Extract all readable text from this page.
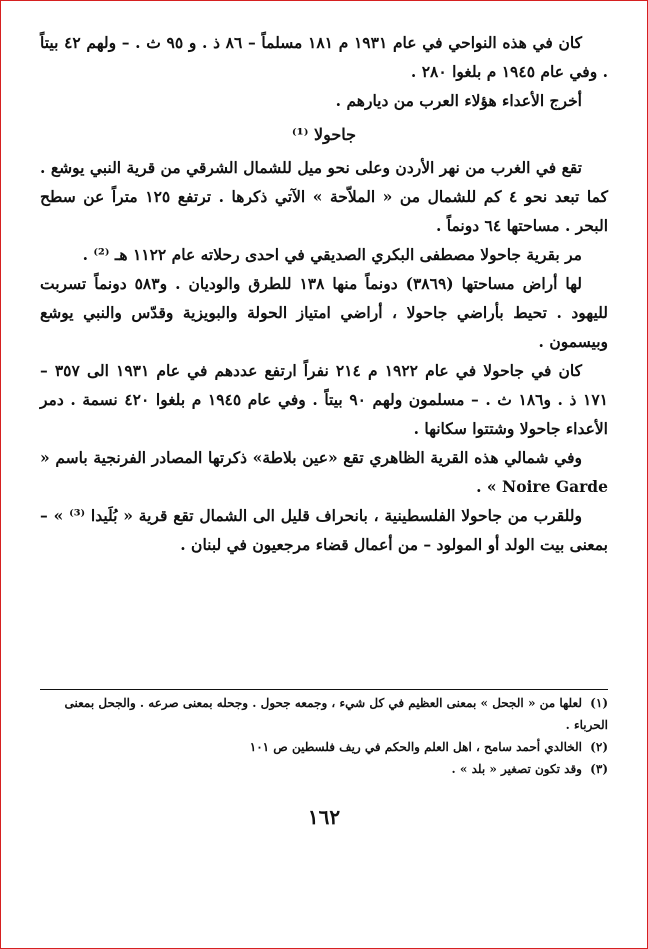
كان في هذه النواحي في عام ١٩٣١ م ١٨١ مسلماً – ٨٦ ذ . و ٩٥ ث . – ولهم ٤٢ بيتاً . وفي عام ١٩٤٥ م بلغوا ٢٨٠ .
أخرج الأعداء هؤلاء العرب من ديارهم .
جاحولا ⁽¹⁾
تقع في الغرب من نهر الأردن وعلى نحو ميل للشمال الشرقي من قرية النبي يوشع . كما تبعد نحو ٤ كم للشمال من « الملاّحة » الآتي ذكرها . ترتفع ١٢٥ متراً عن سطح البحر . مساحتها ٦٤ دونماً .
مر بقرية جاحولا مصطفى البكري الصديقي في احدى رحلاته عام ١١٢٢ هـ ⁽²⁾ .
لها أراض مساحتها (٣٨٦٩) دونماً منها ١٣٨ للطرق والوديان . و٥٨٣ دونماً تسربت لليهود . تحيط بأراضي جاحولا ، أراضي امتياز الحولة والبويزية وقدّس والنبي يوشع وبيسمون .
كان في جاحولا في عام ١٩٢٢ م ٢١٤ نفراً ارتفع عددهم في عام ١٩٣١ الى ٣٥٧ – ١٧١ ذ . و١٨٦ ث . – مسلمون ولهم ٩٠ بيتاً . وفي عام ١٩٤٥ م بلغوا ٤٢٠ نسمة . دمر الأعداء جاحولا وشتتوا سكانها .
وفي شمالي هذه القرية الظاهري تقع «عين بلاطة» ذكرتها المصادر الفرنجية باسم « Noire Garde » .
وللقرب من جاحولا الفلسطينية ، بانحراف قليل الى الشمال تقع قرية « بُلَيدا ⁽³⁾ » – بمعنى بيت الولد أو المولود – من أعمال قضاء مرجعيون في لبنان .
(١) لعلها من « الجحل » بمعنى العظيم في كل شيء ، وجمعه جحول . وجحله بمعنى صرعه . والجحل بمعنى الحرباء .
(٢) الخالدي أحمد سامح ، اهل العلم والحكم في ريف فلسطين ص ١٠١
(٣) وقد تكون تصغير « بلد » .
١٦٢
